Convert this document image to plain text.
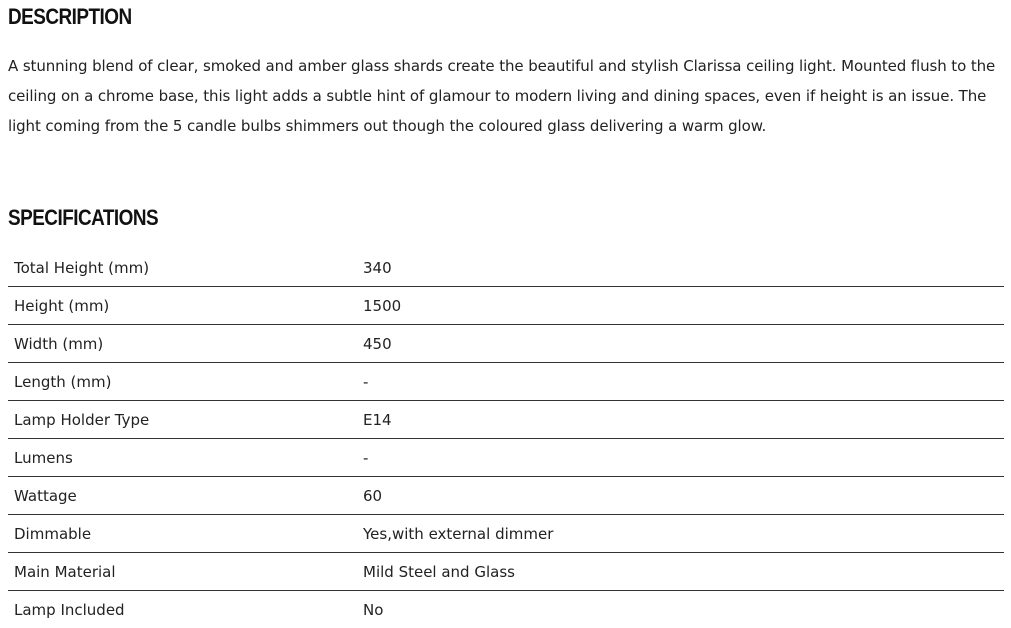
DESCRIPTION

A stunning blend of clear, smoked and amber glass shards create the beautiful and stylish Clarissa ceiling light. Mounted flush to the ceiling on a chrome base, this light adds a subtle hint of glamour to modern living and dining spaces, even if height is an issue. The light coming from the 5 candle bulbs shimmers out though the coloured glass delivering a warm glow.

SPECIFICATIONS
Total Height (mm)	340
Height (mm)	1500
Width (mm)	450
Length (mm)	-
Lamp Holder Type	E14
Lumens	-
Wattage	60
Dimmable	Yes,with external dimmer
Main Material	Mild Steel and Glass
Lamp Included	No
